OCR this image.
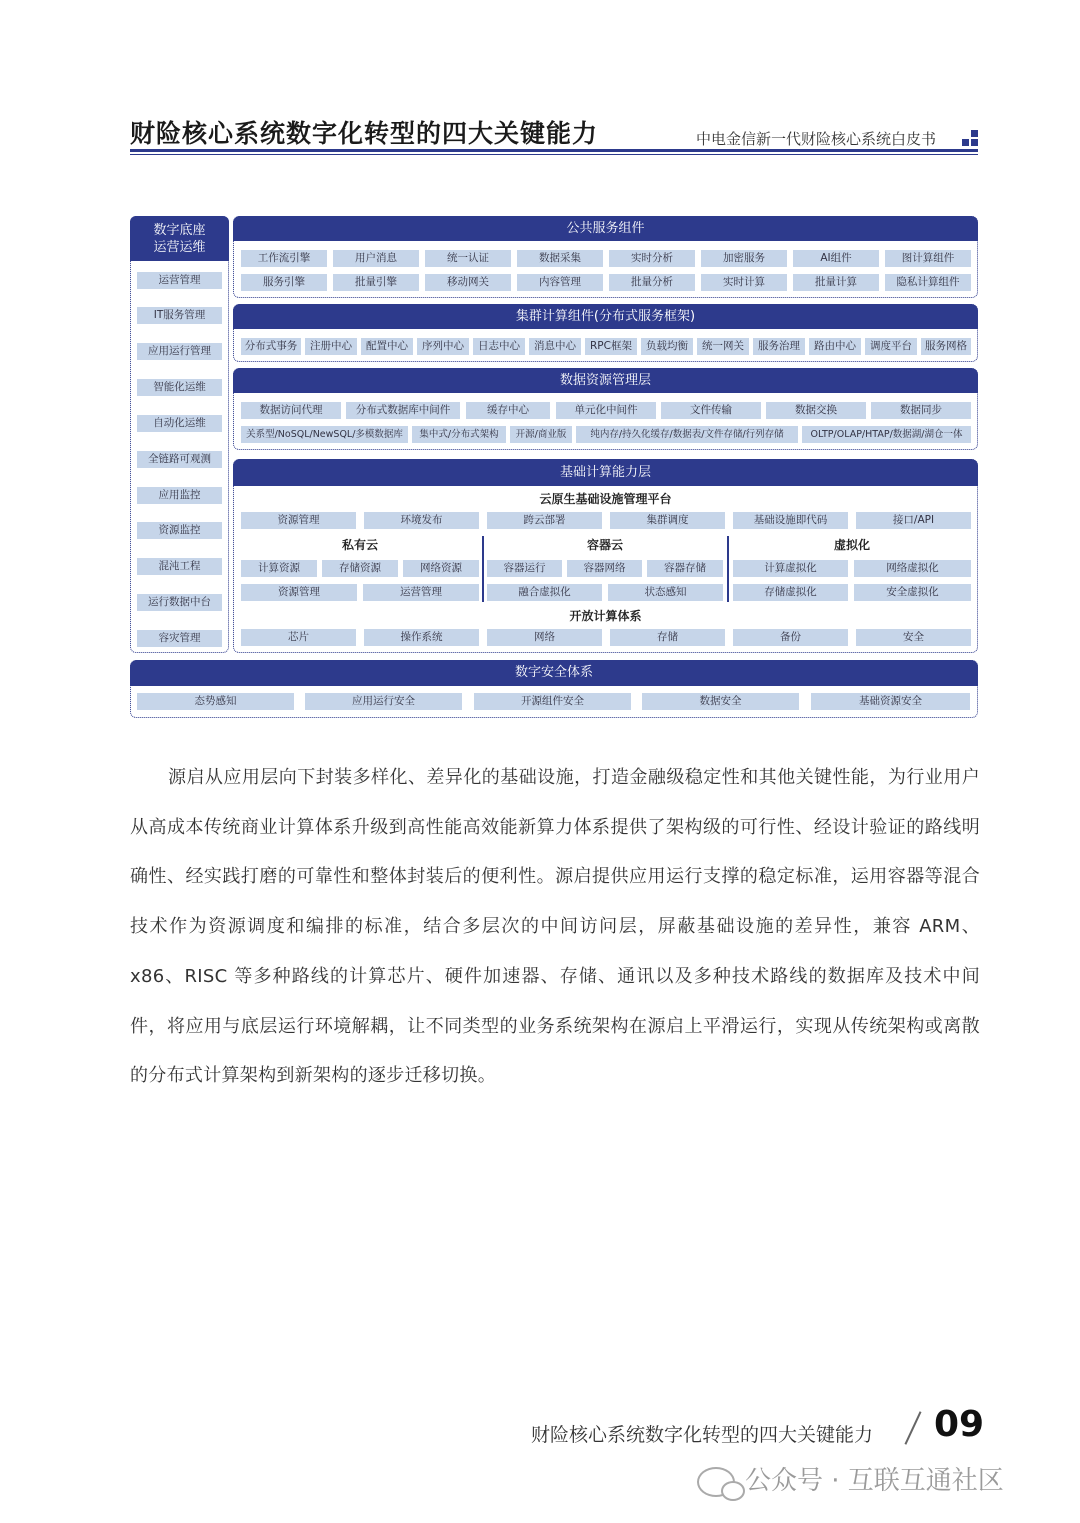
财险核心系统数字化转型的四大关键能力	中电金信新一代财险核心系统白皮书
数字底座
运营运维
运营管理
IT服务管理
应用运行管理
智能化运维
自动化运维
全链路可观测
应用监控
资源监控
混沌工程
运行数据中台
容灾管理
公共服务组件
工作流引擎	用户消息	统一认证	数据采集	实时分析	加密服务	AI组件	图计算组件
服务引擎	批量引擎	移动网关	内容管理	批量分析	实时计算	批量计算	隐私计算组件
集群计算组件(分布式服务框架)
分布式事务	注册中心	配置中心	序列中心	日志中心	消息中心	RPC框架	负载均衡	统一网关	服务治理	路由中心	调度平台	服务网格
数据资源管理层
数据访问代理	分布式数据库中间件	缓存中心	单元化中间件	文件传输	数据交换	数据同步
关系型/NoSQL/NewSQL/多模数据库	集中式/分布式架构	开源/商业版	纯内存/持久化缓存/数据表/文件存储/行列存储	OLTP/OLAP/HTAP/数据湖/湖仓一体
基础计算能力层
云原生基础设施管理平台
资源管理	环境发布	跨云部署	集群调度	基础设施即代码	接口/API
私有云
计算资源	存储资源	网络资源
资源管理	运营管理
容器云
容器运行	容器网络	容器存储
融合虚拟化	状态感知
虚拟化
计算虚拟化	网络虚拟化
存储虚拟化	安全虚拟化
开放计算体系
芯片	操作系统	网络	存储	备份	安全
数字安全体系
态势感知	应用运行安全	开源组件安全	数据安全	基础资源安全
源启从应用层向下封装多样化、差异化的基础设施，打造金融级稳定性和其他关键性能，为行业用户从高成本传统商业计算体系升级到高性能高效能新算力体系提供了架构级的可行性、经设计验证的路线明确性、经实践打磨的可靠性和整体封装后的便利性。源启提供应用运行支撑的稳定标准，运用容器等混合技术作为资源调度和编排的标准，结合多层次的中间访问层，屏蔽基础设施的差异性，兼容 ARM、x86、RISC 等多种路线的计算芯片、硬件加速器、存储、通讯以及多种技术路线的数据库及技术中间件，将应用与底层运行环境解耦，让不同类型的业务系统架构在源启上平滑运行，实现从传统架构或离散的分布式计算架构到新架构的逐步迁移切换。
财险核心系统数字化转型的四大关键能力 09
公众号 · 互联互通社区
